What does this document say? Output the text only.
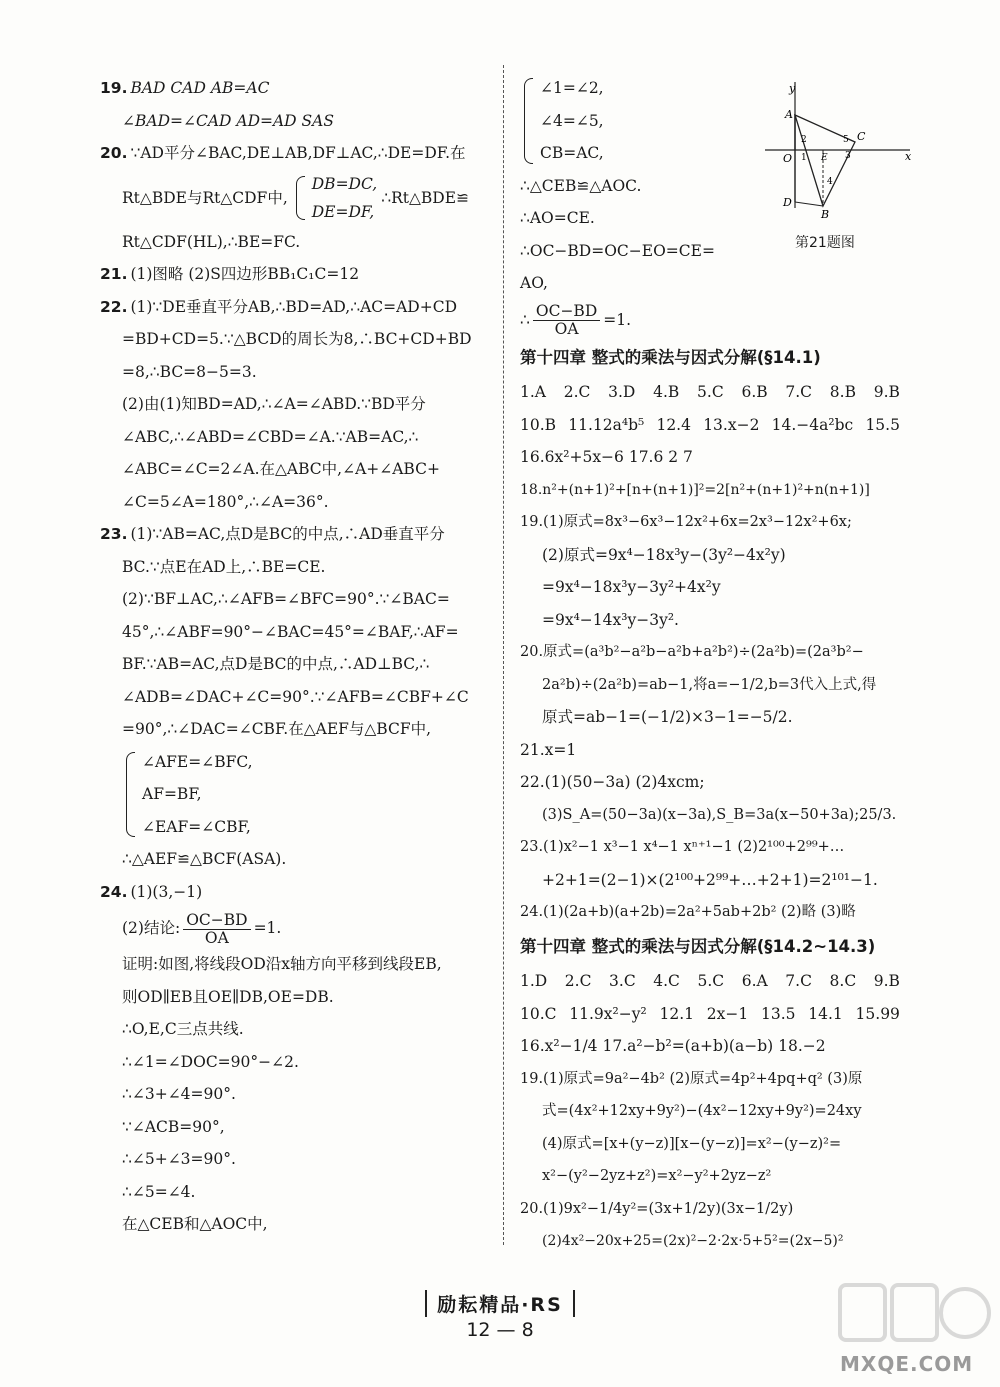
19. BAD CAD AB=AC
∠BAD=∠CAD AD=AD SAS
20. ∵AD平分∠BAC,DE⊥AB,DF⊥AC,∴DE=DF.在
Rt△BDE与Rt△CDF中,
DB=DC,
DE=DF,
∴Rt△BDE≌
Rt△CDF(HL),∴BE=FC.
21. (1)图略 (2)S四边形BB₁C₁C=12
22. (1)∵DE垂直平分AB,∴BD=AD,∴AC=AD+CD
=BD+CD=5.∵△BCD的周长为8,∴BC+CD+BD
=8,∴BC=8−5=3.
(2)由(1)知BD=AD,∴∠A=∠ABD.∵BD平分
∠ABC,∴∠ABD=∠CBD=∠A.∵AB=AC,∴
∠ABC=∠C=2∠A.在△ABC中,∠A+∠ABC+
∠C=5∠A=180°,∴∠A=36°.
23. (1)∵AB=AC,点D是BC的中点,∴AD垂直平分
BC.∵点E在AD上,∴BE=CE.
(2)∵BF⊥AC,∴∠AFB=∠BFC=90°.∵∠BAC=
45°,∴∠ABF=90°−∠BAC=45°=∠BAF,∴AF=
BF.∵AB=AC,点D是BC的中点,∴AD⊥BC,∴
∠ADB=∠DAC+∠C=90°.∵∠AFB=∠CBF+∠C
=90°,∴∠DAC=∠CBF.在△AEF与△BCF中,
∠AFE=∠BFC,
AF=BF,
∠EAF=∠CBF,
∴△AEF≌△BCF(ASA).
24. (1)(3,−1)
(2)结论: $\frac{OC-BD}{OA} =1$.
证明:如图,将线段OD沿x轴方向平移到线段EB,
则OD∥EB且OE∥DB,OE=DB.
∴O,E,C三点共线.
∴∠1=∠DOC=90°−∠2.
∴∠3+∠4=90°.
∵∠ACB=90°,
∴∠5+∠3=90°.
∴∠5=∠4.
在△CEB和△AOC中,
∠1=∠2,
∠4=∠5,
CB=AC,
∴△CEB≌△AOC.
∴AO=CE.
∴OC−BD=OC−EO=CE=
AO,
∴ $\frac{OC-BD}{OA} =1$.
第十四章 整式的乘法与因式分解(§14.1)
1.A 2.C 3.D 4.B 5.C 6.B 7.C 8.B 9.B
10.B 11.12a⁴b⁵ 12.4 13.x−2 14.−4a²bc 15.5
16.6x²+5x−6 17.6 2 7
18.n²+(n+1)²+[n+(n+1)]²=2[n²+(n+1)²+n(n+1)]
19.(1)原式=8x³−6x³−12x²+6x=2x³−12x²+6x;
(2)原式=9x⁴−18x³y−(3y²−4x²y)
=9x⁴−18x³y−3y²+4x²y
=9x⁴−14x³y−3y².
20.原式=(a³b²−a²b−a²b+a²b²)÷(2a²b)=(2a³b²−
2a²b)÷(2a²b)=ab−1,将a=−1/2,b=3代入上式,得
原式=ab−1=(−1/2)×3−1=−5/2.
21.x=1
22.(1)(50−3a) (2)4xcm;
(3)S_A=(50−3a)(x−3a),S_B=3a(x−50+3a);25/3.
23.(1)x²−1 x³−1 x⁴−1 xⁿ⁺¹−1 (2)2¹⁰⁰+2⁹⁹+…
+2+1=(2−1)×(2¹⁰⁰+2⁹⁹+…+2+1)=2¹⁰¹−1.
24.(1)(2a+b)(a+2b)=2a²+5ab+2b² (2)略 (3)略
第十四章 整式的乘法与因式分解(§14.2~14.3)
1.D 2.C 3.C 4.C 5.C 6.A 7.C 8.C 9.B
10.C 11.9x²−y² 12.1 2x−1 13.5 14.1 15.99
16.x²−1/4 17.a²−b²=(a+b)(a−b) 18.−2
19.(1)原式=9a²−4b² (2)原式=4p²+4pq+q² (3)原
式=(4x²+12xy+9y²)−(4x²−12xy+9y²)=24xy
(4)原式=[x+(y−z)][x−(y−z)]=x²−(y−z)²=
x²−(y²−2yz+z²)=x²−y²+2yz−z²
20.(1)9x²−1/4y²=(3x+1/2y)(3x−1/2y)
(2)4x²−20x+25=(2x)²−2·2x·5+5²=(2x−5)²
y
A
O
D
B
C
x
2
1	3
5
E
4
第21题图
励耘精品·RS
12 — 8
MXQE.COM
